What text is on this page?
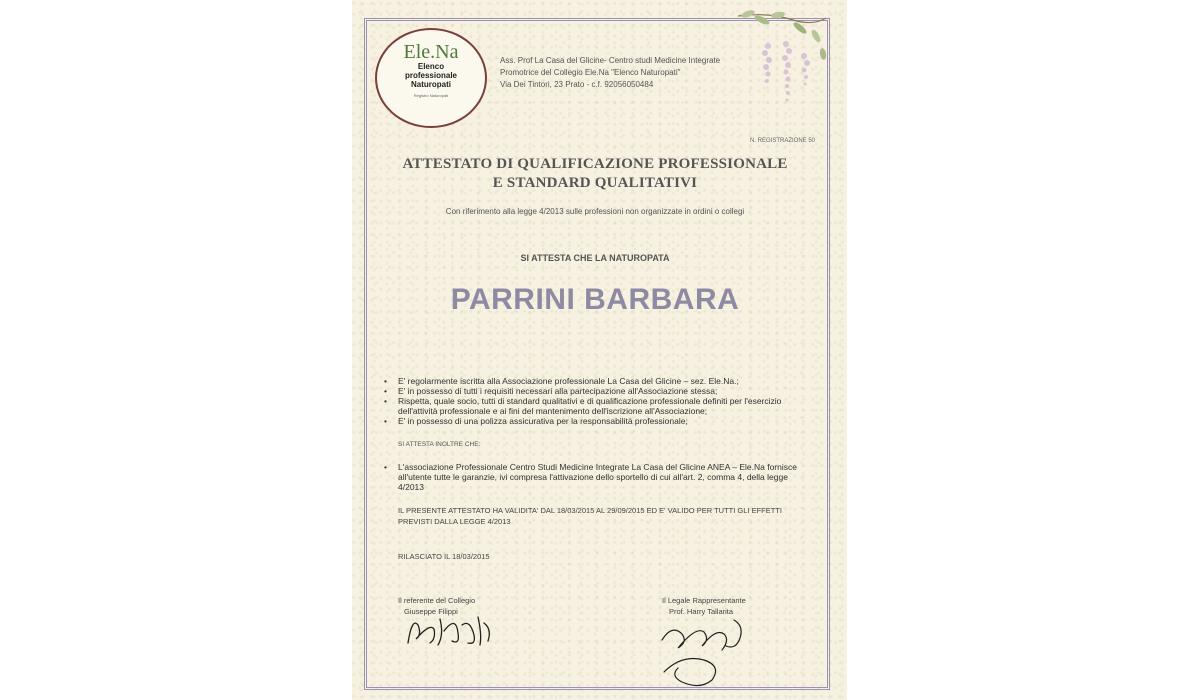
Ele.Na
Elenco
professionale
Naturopati
Registro Naturopati
Ass. Prof La Casa del Glicine- Centro studi Medicine Integrate
Promotrice del Collegio Ele.Na "Elenco Naturopati"
Via Dei Tintori, 23 Prato - c.f. 92056050484
N. REGISTRAZIONE 50
ATTESTATO DI QUALIFICAZIONE PROFESSIONALE
E STANDARD QUALITATIVI
Con riferimento alla legge 4/2013 sulle professioni non organizzate in ordini o collegi
SI ATTESTA CHE LA NATUROPATA
PARRINI BARBARA
• E' regolarmente iscritta alla Associazione professionale La Casa del Glicine – sez. Ele.Na.;
• E' in possesso di tutti i requisiti necessari alla partecipazione all'Associazione stessa;
• Rispetta, quale socio, tutti di standard qualitativi e di qualificazione professionale definiti per l'esercizio dell'attività professionale e ai fini del mantenimento dell'iscrizione all'Associazione;
• E' in possesso di una polizza assicurativa per la responsabilità professionale;
SI ATTESTA INOLTRE CHE:
• L'associazione Professionale Centro Studi Medicine Integrate La Casa del Glicine ANEA – Ele.Na fornisce all'utente tutte le garanzie, ivi compresa l'attivazione dello sportello di cui all'art. 2, comma 4, della legge 4/2013
IL PRESENTE ATTESTATO HA VALIDITA' DAL 18/03/2015 AL 29/09/2015 ED E' VALIDO PER TUTTI GLI EFFETTI PREVISTI DALLA LEGGE 4/2013
RILASCIATO IL 18/03/2015
Il referente del Collegio
Giuseppe Filippi
Il Legale Rappresentante
Prof. Harry Tallarita
